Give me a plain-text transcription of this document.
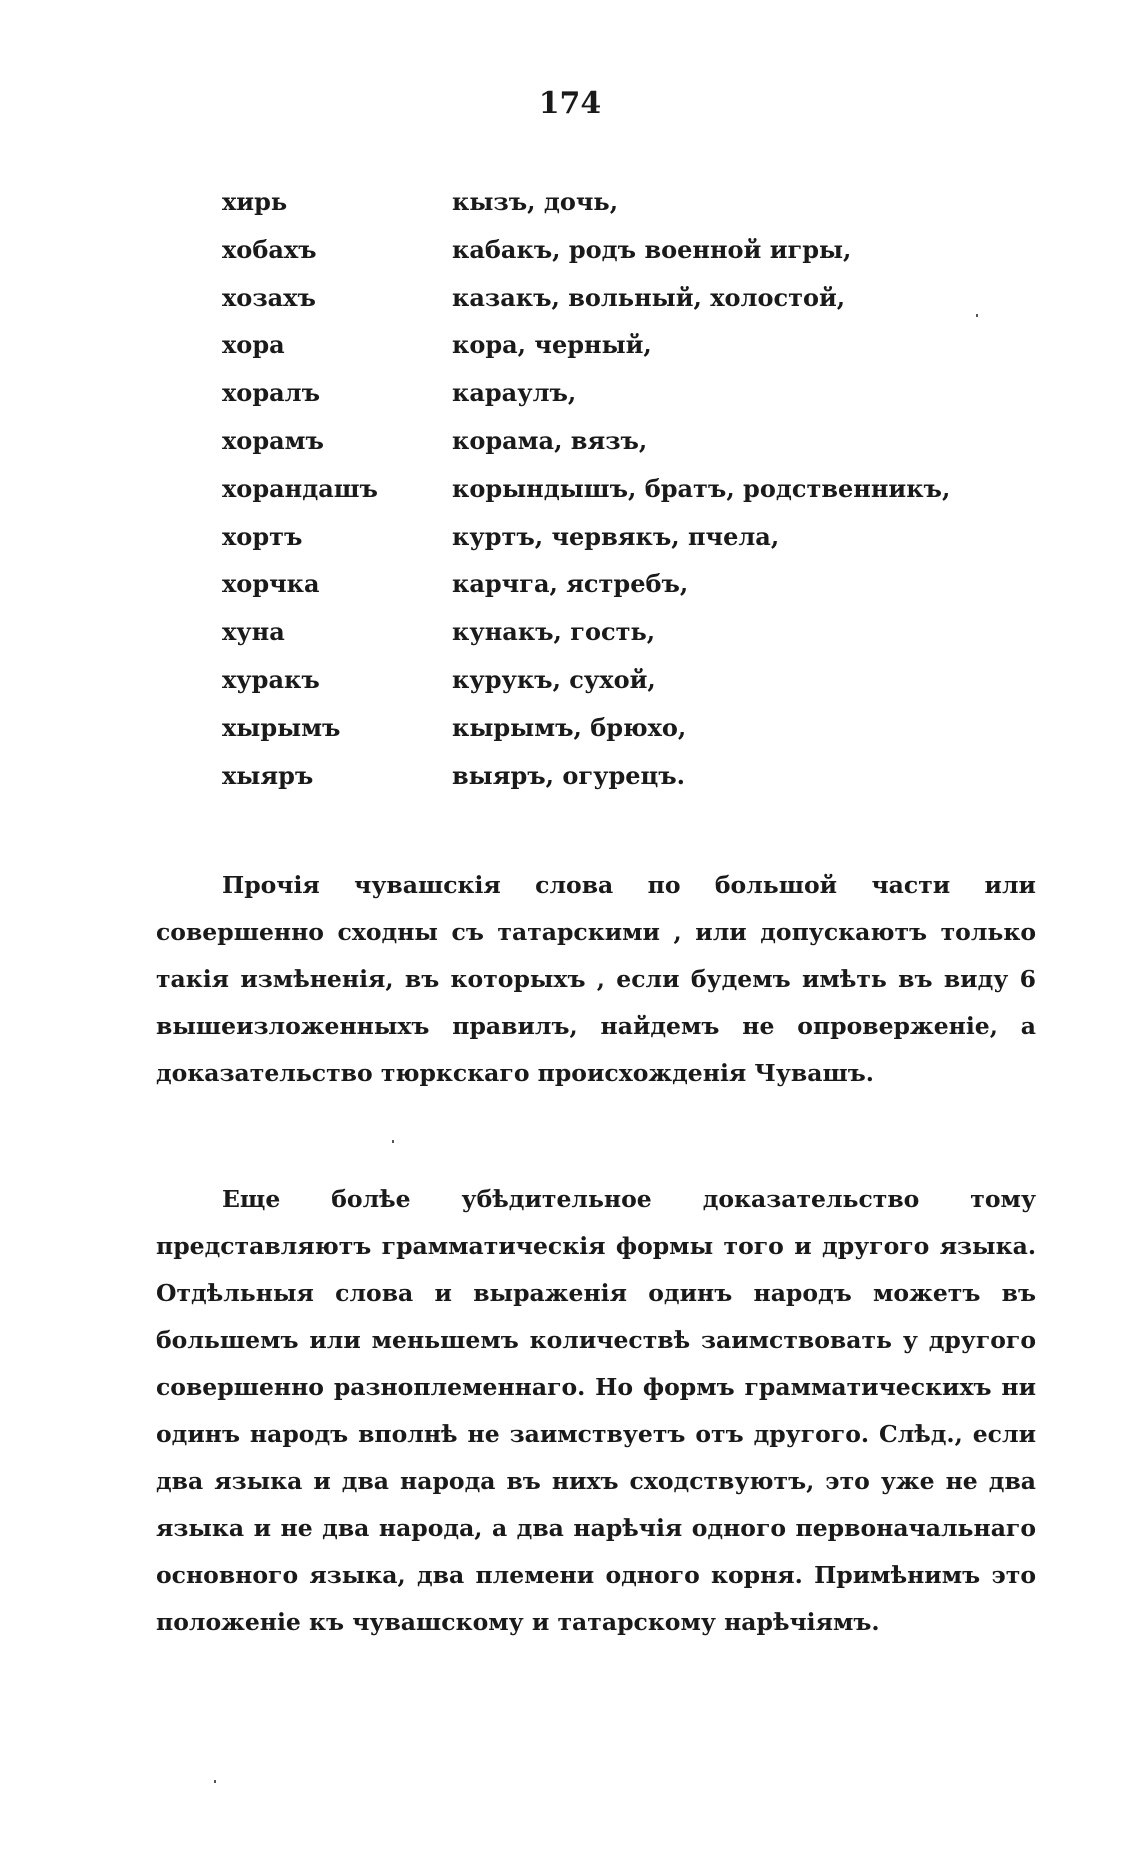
174
хирь	кызъ, дочь,
хобахъ	кабакъ, родъ военной игры,
хозахъ	казакъ, вольный, холостой,
хора	кора, черный,
хоралъ	караулъ,
хорамъ	корама, вязъ,
хорандашъ	корындышъ, братъ, родственникъ,
хортъ	куртъ, червякъ, пчела,
хорчка	карчга, ястребъ,
хуна	кунакъ, гость,
хуракъ	курукъ, сухой,
хырымъ	кырымъ, брюхо,
хыяръ	выяръ, огурецъ.

Прочія чувашскія слова по большой части или совершенно сходны съ татарскими , или допускаютъ только такія измѣненія, въ которыхъ , если будемъ имѣть въ виду 6 вышеизложенныхъ правилъ, найдемъ не опроверженіе, а доказательство тюркскаго происхожденія Чувашъ.

Еще болѣе убѣдительное доказательство тому представляютъ грамматическія формы того и другого языка. Отдѣльныя слова и выраженія одинъ народъ можетъ въ большемъ или меньшемъ количествѣ заимствовать у другого совершенно разноплеменнаго. Но формъ грамматическихъ ни одинъ народъ вполнѣ не заимствуетъ отъ другого. Слѣд., если два языка и два народа въ нихъ сходствуютъ, это уже не два языка и не два народа, а два нарѣчія одного первоначальнаго основного языка, два племени одного корня. Примѣнимъ это положеніе къ чувашскому и татарскому нарѣчіямъ.
